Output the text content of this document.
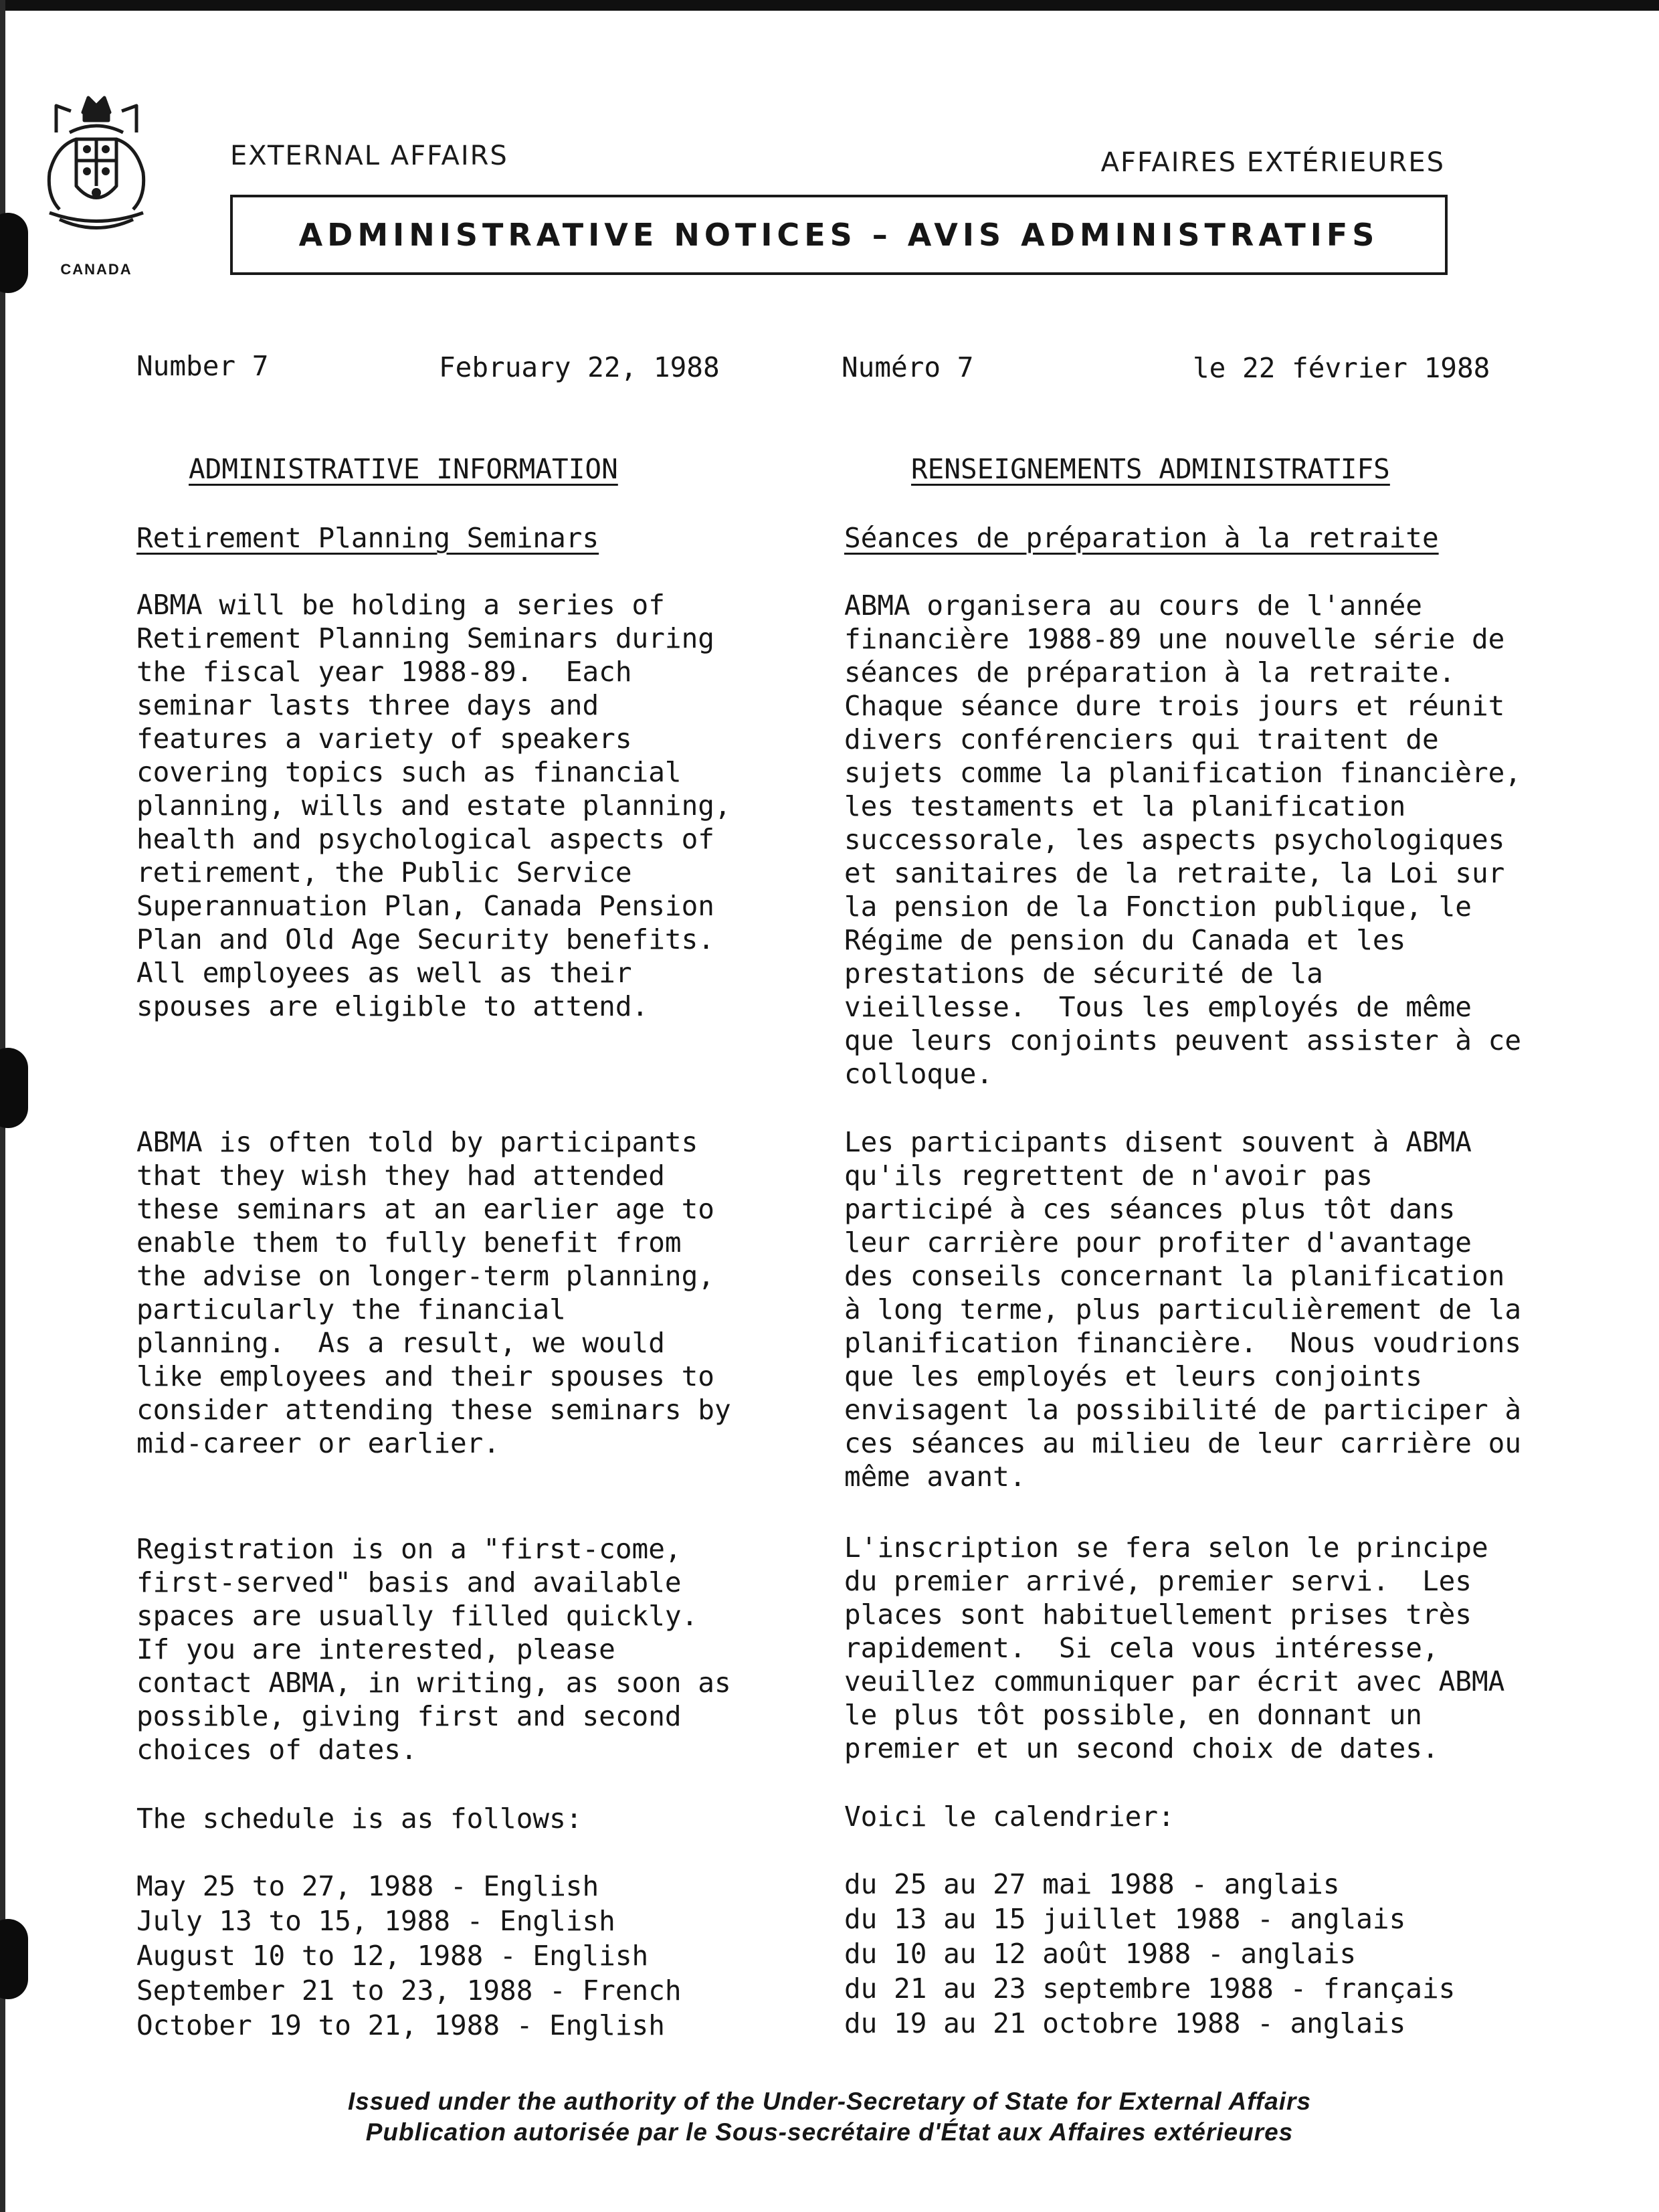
CANADA
EXTERNAL AFFAIRS	AFFAIRES EXTÉRIEURES
ADMINISTRATIVE NOTICES – AVIS ADMINISTRATIFS
Number 7	February 22, 1988	Numéro 7	le 22 février 1988
ADMINISTRATIVE INFORMATION	RENSEIGNEMENTS ADMINISTRATIFS
Retirement Planning Seminars	Séances de préparation à la retraite
ABMA will be holding a series of
Retirement Planning Seminars during
the fiscal year 1988-89.  Each
seminar lasts three days and
features a variety of speakers
covering topics such as financial
planning, wills and estate planning,
health and psychological aspects of
retirement, the Public Service
Superannuation Plan, Canada Pension
Plan and Old Age Security benefits.
All employees as well as their
spouses are eligible to attend.
ABMA organisera au cours de l'année
financière 1988-89 une nouvelle série de
séances de préparation à la retraite.
Chaque séance dure trois jours et réunit
divers conférenciers qui traitent de
sujets comme la planification financière,
les testaments et la planification
successorale, les aspects psychologiques
et sanitaires de la retraite, la Loi sur
la pension de la Fonction publique, le
Régime de pension du Canada et les
prestations de sécurité de la
vieillesse.  Tous les employés de même
que leurs conjoints peuvent assister à ce
colloque.
ABMA is often told by participants
that they wish they had attended
these seminars at an earlier age to
enable them to fully benefit from
the advise on longer-term planning,
particularly the financial
planning.  As a result, we would
like employees and their spouses to
consider attending these seminars by
mid-career or earlier.
Les participants disent souvent à ABMA
qu'ils regrettent de n'avoir pas
participé à ces séances plus tôt dans
leur carrière pour profiter d'avantage
des conseils concernant la planification
à long terme, plus particulièrement de la
planification financière.  Nous voudrions
que les employés et leurs conjoints
envisagent la possibilité de participer à
ces séances au milieu de leur carrière ou
même avant.
Registration is on a "first-come,
first-served" basis and available
spaces are usually filled quickly.
If you are interested, please
contact ABMA, in writing, as soon as
possible, giving first and second
choices of dates.
L'inscription se fera selon le principe
du premier arrivé, premier servi.  Les
places sont habituellement prises très
rapidement.  Si cela vous intéresse,
veuillez communiquer par écrit avec ABMA
le plus tôt possible, en donnant un
premier et un second choix de dates.
The schedule is as follows:	Voici le calendrier:
May 25 to 27, 1988 - English
July 13 to 15, 1988 - English
August 10 to 12, 1988 - English
September 21 to 23, 1988 - French
October 19 to 21, 1988 - English
du 25 au 27 mai 1988 - anglais
du 13 au 15 juillet 1988 - anglais
du 10 au 12 août 1988 - anglais
du 21 au 23 septembre 1988 - français
du 19 au 21 octobre 1988 - anglais
Issued under the authority of the Under-Secretary of State for External Affairs
Publication autorisée par le Sous-secrétaire d'État aux Affaires extérieures
